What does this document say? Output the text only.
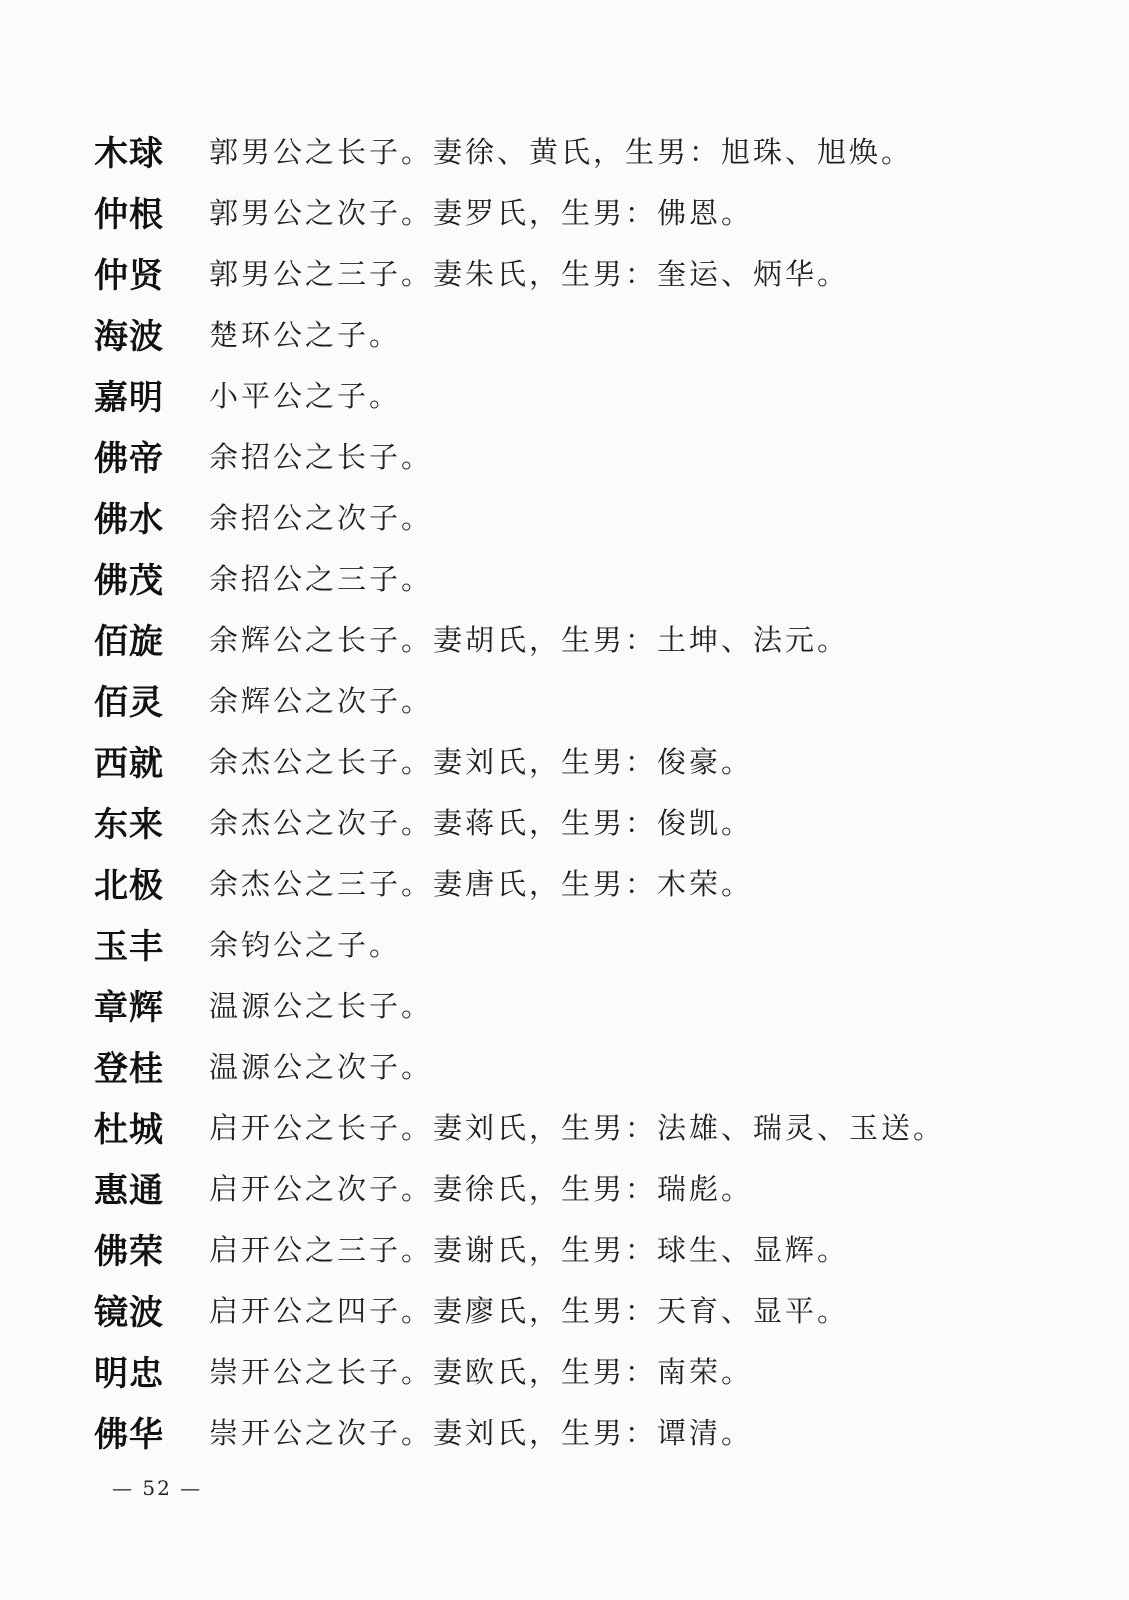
木球	郭男公之长子。妻徐、黄氏，生男：旭珠、旭焕。
仲根	郭男公之次子。妻罗氏，生男：佛恩。
仲贤	郭男公之三子。妻朱氏，生男：奎运、炳华。
海波	楚环公之子。
嘉明	小平公之子。
佛帝	余招公之长子。
佛水	余招公之次子。
佛茂	余招公之三子。
佰旋	余辉公之长子。妻胡氏，生男：土坤、法元。
佰灵	余辉公之次子。
西就	余杰公之长子。妻刘氏，生男：俊豪。
东来	余杰公之次子。妻蒋氏，生男：俊凯。
北极	余杰公之三子。妻唐氏，生男：木荣。
玉丰	余钧公之子。
章辉	温源公之长子。
登桂	温源公之次子。
杜城	启开公之长子。妻刘氏，生男：法雄、瑞灵、玉送。
惠通	启开公之次子。妻徐氏，生男：瑞彪。
佛荣	启开公之三子。妻谢氏，生男：球生、显辉。
镜波	启开公之四子。妻廖氏，生男：天育、显平。
明忠	崇开公之长子。妻欧氏，生男：南荣。
佛华	崇开公之次子。妻刘氏，生男：谭清。
— 52 —
